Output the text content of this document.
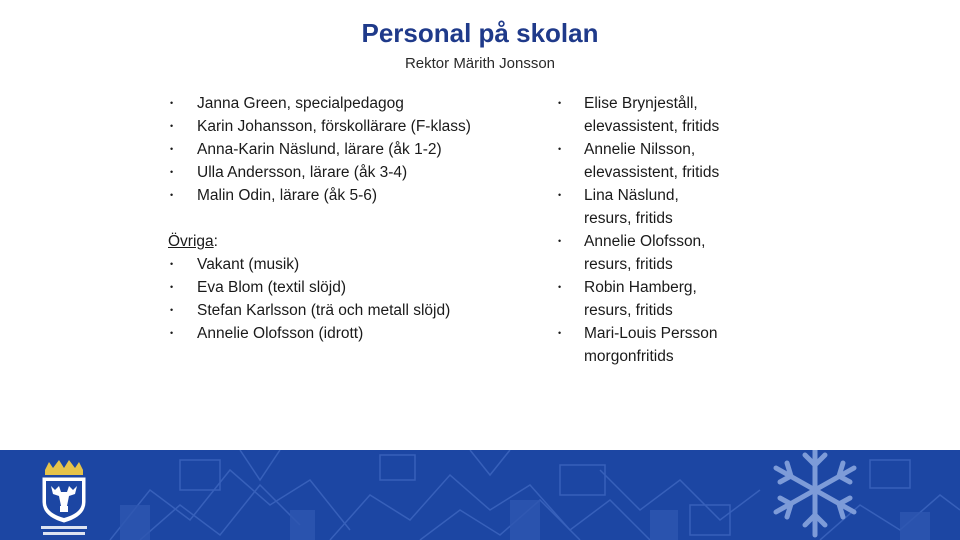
Personal på skolan
Rektor Märith Jonsson
• Janna Green, specialpedagog
• Karin Johansson, förskollärare (F-klass)
• Anna-Karin Näslund, lärare (åk 1-2)
• Ulla Andersson, lärare (åk 3-4)
• Malin Odin, lärare (åk 5-6)
Övriga:
• Vakant (musik)
• Eva Blom (textil slöjd)
• Stefan Karlsson (trä och metall slöjd)
• Annelie Olofsson (idrott)
• Elise Brynjeståll,
elevassistent, fritids
• Annelie Nilsson,
elevassistent, fritids
• Lina Näslund,
resurs, fritids
• Annelie Olofsson,
resurs, fritids
• Robin Hamberg,
resurs, fritids
• Mari-Louis Persson
morgonfritids
